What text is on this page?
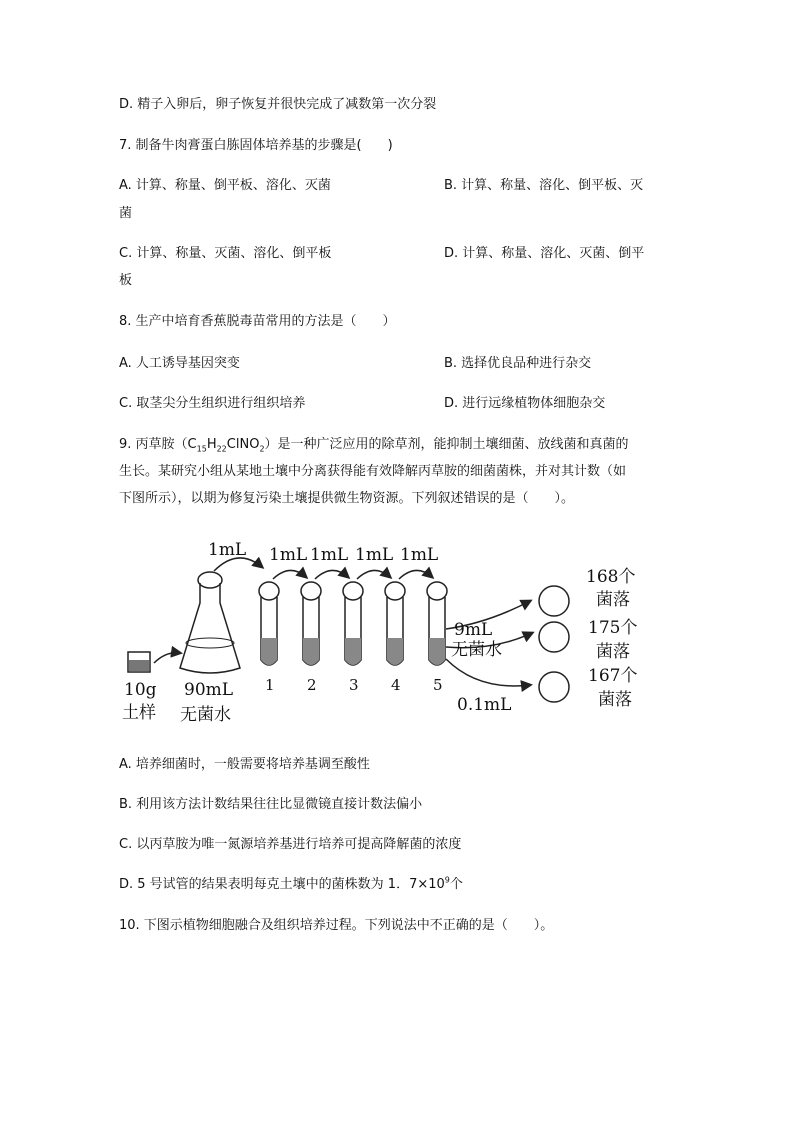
D. 精子入卵后，卵子恢复并很快完成了减数第一次分裂
7. 制备牛肉膏蛋白胨固体培养基的步骤是(　　)
A. 计算、称量、倒平板、溶化、灭菌	B. 计算、称量、溶化、倒平板、灭
菌
C. 计算、称量、灭菌、溶化、倒平板	D. 计算、称量、溶化、灭菌、倒平
板
8. 生产中培育香蕉脱毒苗常用的方法是（　　）
A. 人工诱导基因突变	B. 选择优良品种进行杂交
C. 取茎尖分生组织进行组织培养	D. 进行远缘植物体细胞杂交
9. 丙草胺$(C_{15}H_{22}ClNO_2)$是一种广泛应用的除草剂，能抑制土壤细菌、放线菌和真菌的
生长。某研究小组从某地土壤中分离获得能有效降解丙草胺的细菌菌株，并对其计数（如
下图所示），以期为修复污染土壤提供微生物资源。下列叙述错误的是（　　）。
1mL 1mL 1mL 1mL 1mL
1 2 3 4 5
10g
土样
90mL
无菌水
9mL
无菌水
0.1mL
168个
菌落
175个
菌落
167个
菌落
A. 培养细菌时，一般需要将培养基调至酸性
B. 利用该方法计数结果往往比显微镜直接计数法偏小
C. 以丙草胺为唯一氮源培养基进行培养可提高降解菌的浓度
D. 5 号试管的结果表明每克土壤中的菌株数为 1．$7\times 10^9$个
10. 下图示植物细胞融合及组织培养过程。下列说法中不正确的是（　　）。
